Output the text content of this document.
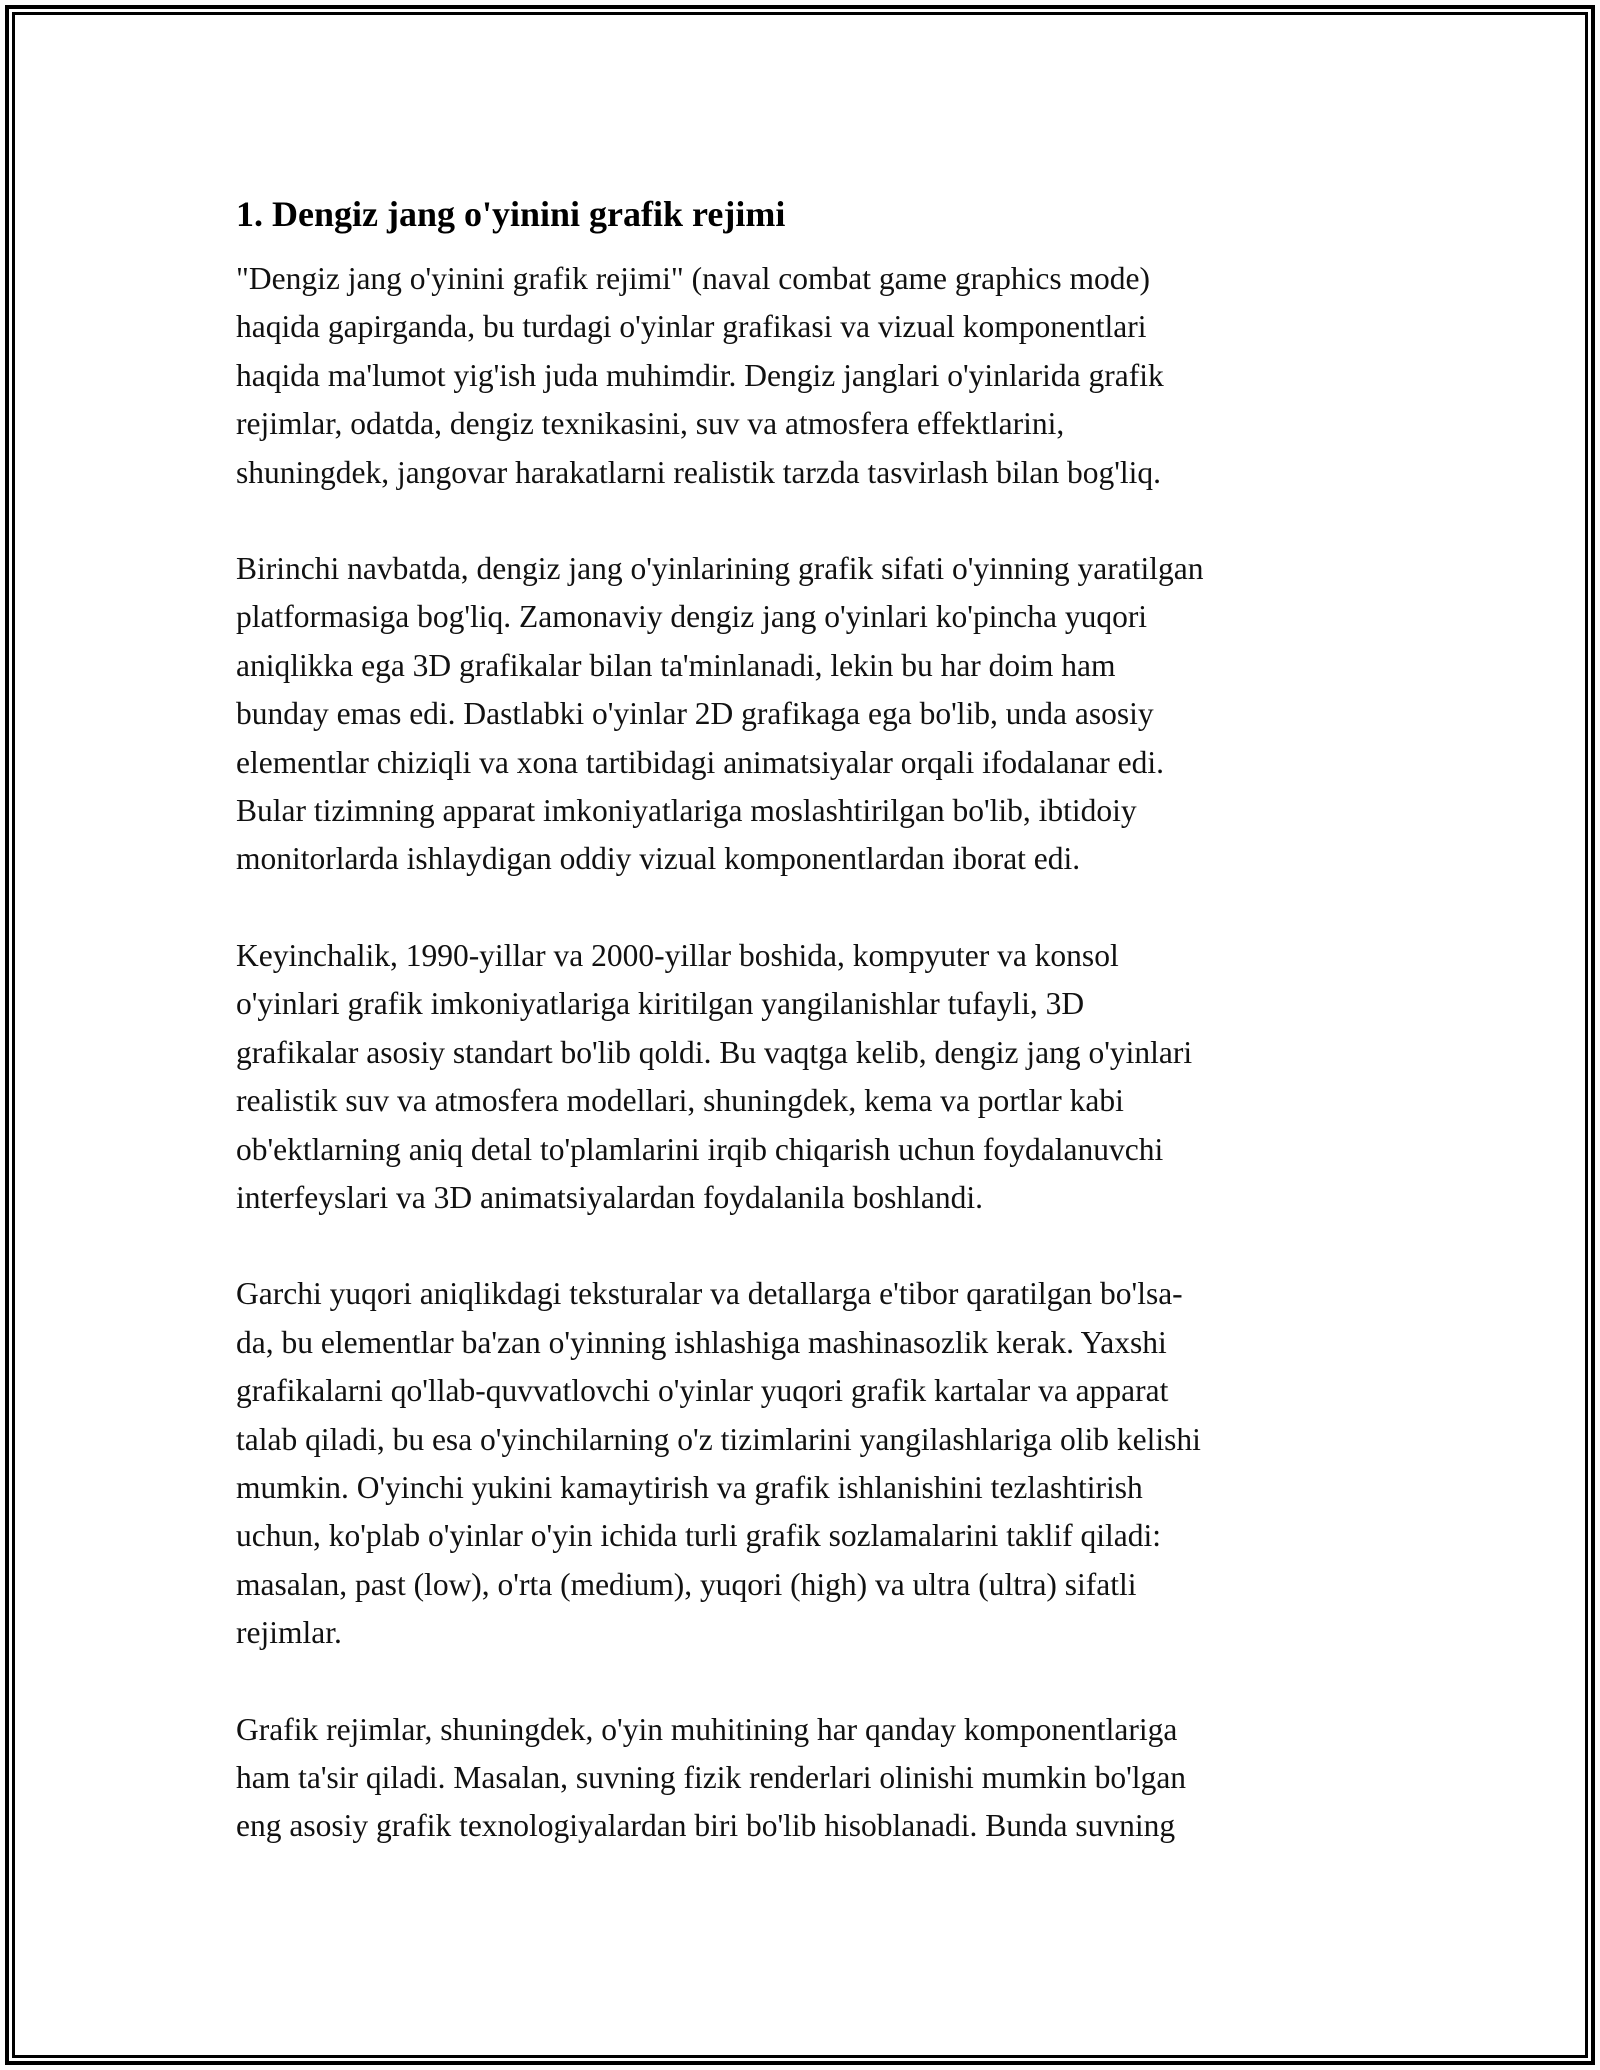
1. Dengiz jang o'yinini grafik rejimi

"Dengiz jang o'yinini grafik rejimi" (naval combat game graphics mode)
haqida gapirganda, bu turdagi o'yinlar grafikasi va vizual komponentlari
haqida ma'lumot yig'ish juda muhimdir. Dengiz janglari o'yinlarida grafik
rejimlar, odatda, dengiz texnikasini, suv va atmosfera effektlarini,
shuningdek, jangovar harakatlarni realistik tarzda tasvirlash bilan bog'liq.

Birinchi navbatda, dengiz jang o'yinlarining grafik sifati o'yinning yaratilgan
platformasiga bog'liq. Zamonaviy dengiz jang o'yinlari ko'pincha yuqori
aniqlikka ega 3D grafikalar bilan ta'minlanadi, lekin bu har doim ham
bunday emas edi. Dastlabki o'yinlar 2D grafikaga ega bo'lib, unda asosiy
elementlar chiziqli va xona tartibidagi animatsiyalar orqali ifodalanar edi.
Bular tizimning apparat imkoniyatlariga moslashtirilgan bo'lib, ibtidoiy
monitorlarda ishlaydigan oddiy vizual komponentlardan iborat edi.

Keyinchalik, 1990-yillar va 2000-yillar boshida, kompyuter va konsol
o'yinlari grafik imkoniyatlariga kiritilgan yangilanishlar tufayli, 3D
grafikalar asosiy standart bo'lib qoldi. Bu vaqtga kelib, dengiz jang o'yinlari
realistik suv va atmosfera modellari, shuningdek, kema va portlar kabi
ob'ektlarning aniq detal to'plamlarini irqib chiqarish uchun foydalanuvchi
interfeyslari va 3D animatsiyalardan foydalanila boshlandi.

Garchi yuqori aniqlikdagi teksturalar va detallarga e'tibor qaratilgan bo'lsa-
da, bu elementlar ba'zan o'yinning ishlashiga mashinasozlik kerak. Yaxshi
grafikalarni qo'llab-quvvatlovchi o'yinlar yuqori grafik kartalar va apparat
talab qiladi, bu esa o'yinchilarning o'z tizimlarini yangilashlariga olib kelishi
mumkin. O'yinchi yukini kamaytirish va grafik ishlanishini tezlashtirish
uchun, ko'plab o'yinlar o'yin ichida turli grafik sozlamalarini taklif qiladi:
masalan, past (low), o'rta (medium), yuqori (high) va ultra (ultra) sifatli
rejimlar.

Grafik rejimlar, shuningdek, o'yin muhitining har qanday komponentlariga
ham ta'sir qiladi. Masalan, suvning fizik renderlari olinishi mumkin bo'lgan
eng asosiy grafik texnologiyalardan biri bo'lib hisoblanadi. Bunda suvning
